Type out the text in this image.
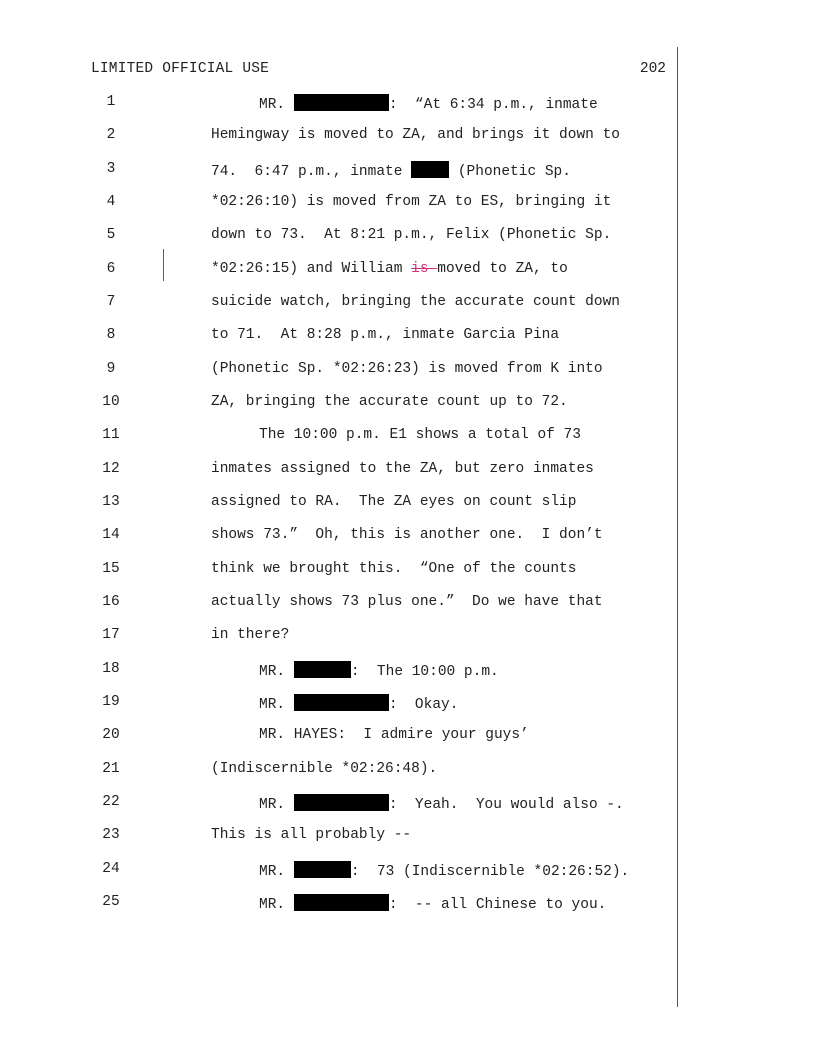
LIMITED OFFICIAL USE	202
1	MR.	:  “At 6:34 p.m., inmate
2	Hemingway is moved to ZA, and brings it down to
3	74.  6:47 p.m., inmate	(Phonetic Sp.
4	*02:26:10) is moved from ZA to ES, bringing it
5	down to 73.  At 8:21 p.m., Felix (Phonetic Sp.
6	*02:26:15) and William is moved to ZA, to
7	suicide watch, bringing the accurate count down
8	to 71.  At 8:28 p.m., inmate Garcia Pina
9	(Phonetic Sp. *02:26:23) is moved from K into
10	ZA, bringing the accurate count up to 72.
11	The 10:00 p.m. E1 shows a total of 73
12	inmates assigned to the ZA, but zero inmates
13	assigned to RA.  The ZA eyes on count slip
14	shows 73.”  Oh, this is another one.  I don’t
15	think we brought this.  “One of the counts
16	actually shows 73 plus one.”  Do we have that
17	in there?
18	MR.	:  The 10:00 p.m.
19	MR.	:  Okay.
20	MR. HAYES:  I admire your guys’
21	(Indiscernible *02:26:48).
22	MR.	:  Yeah.  You would also -.
23	This is all probably --
24	MR.	:  73 (Indiscernible *02:26:52).
25	MR.	:  -- all Chinese to you.
